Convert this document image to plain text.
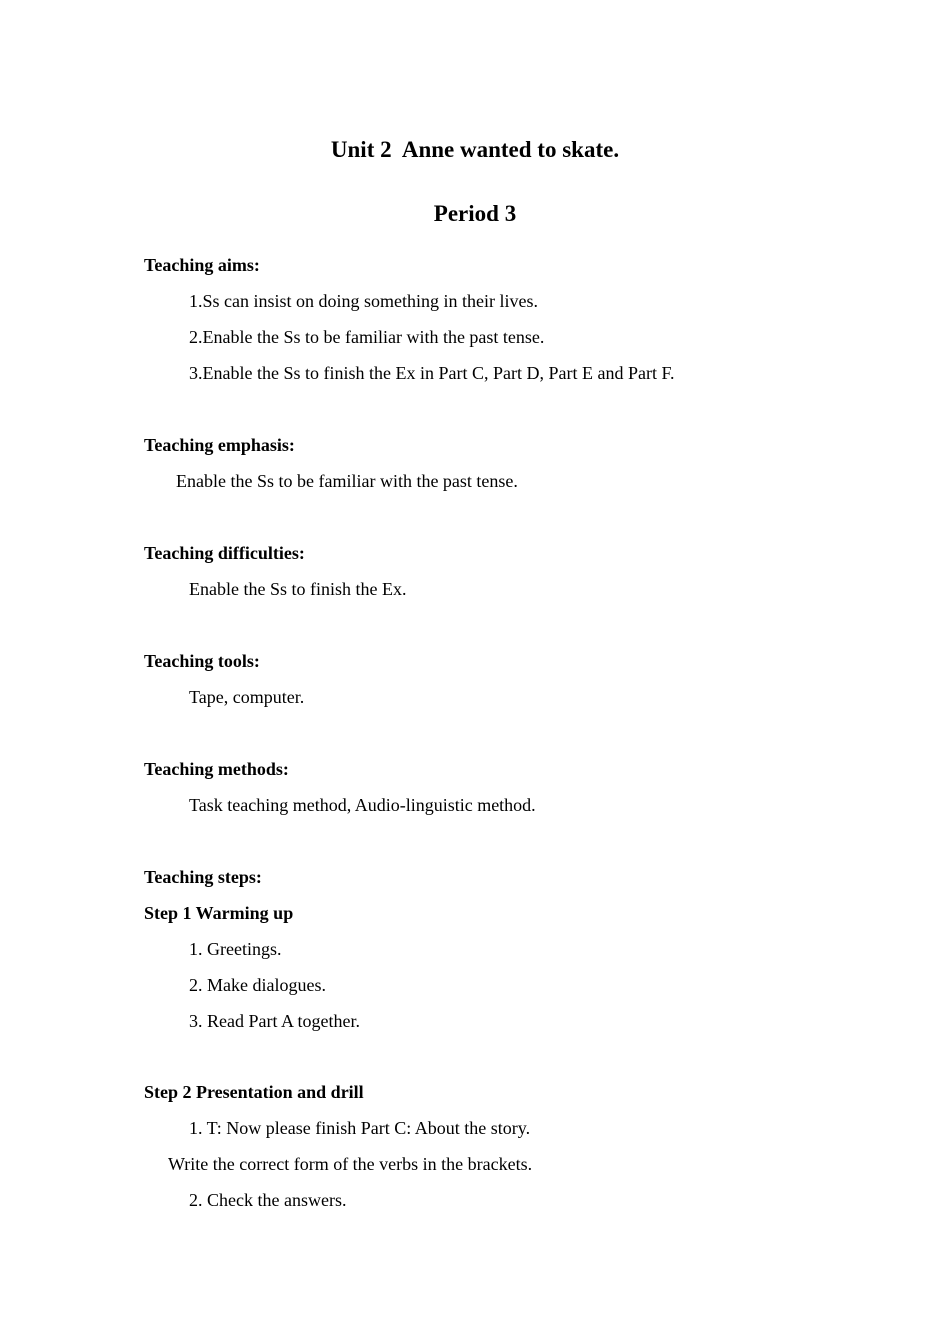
Unit 2  Anne wanted to skate.
Period 3
Teaching aims:
1.Ss can insist on doing something in their lives.
2.Enable the Ss to be familiar with the past tense.
3.Enable the Ss to finish the Ex in Part C, Part D, Part E and Part F.
Teaching emphasis:
Enable the Ss to be familiar with the past tense.
Teaching difficulties:
Enable the Ss to finish the Ex.
Teaching tools:
Tape, computer.
Teaching methods:
Task teaching method, Audio-linguistic method.
Teaching steps:
Step 1 Warming up
1. Greetings.
2. Make dialogues.
3. Read Part A together.
Step 2 Presentation and drill
1. T: Now please finish Part C: About the story.
Write the correct form of the verbs in the brackets.
2. Check the answers.
